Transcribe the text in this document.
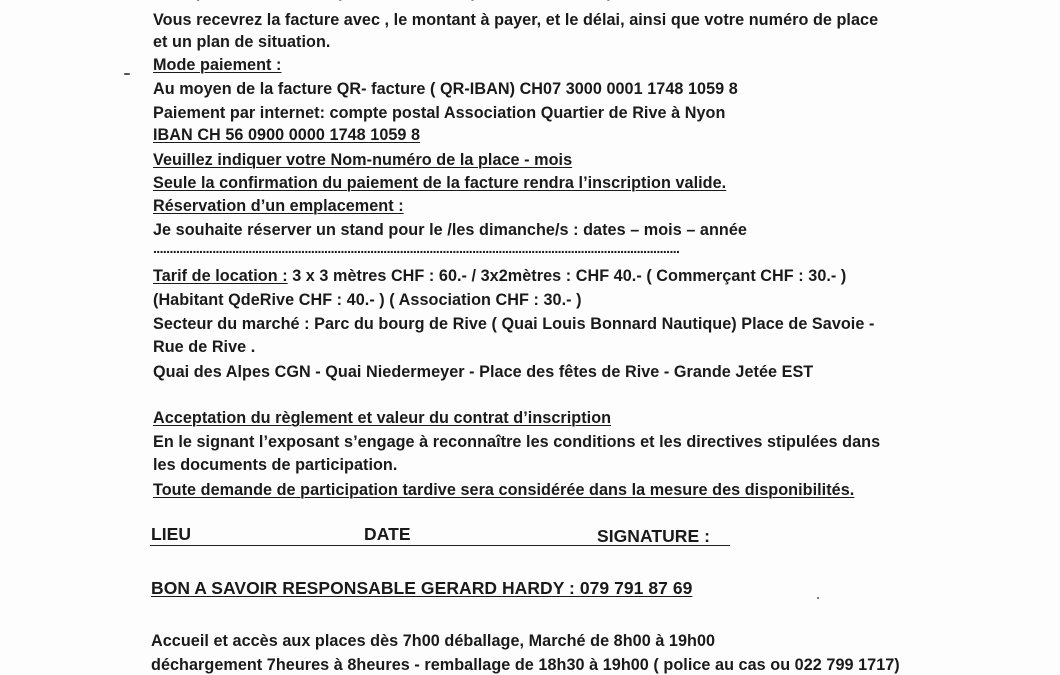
Vous recevrez la facture avec , le montant à payer, et le délai, ainsi que votre numéro de place
et un plan de situation.
Mode paiement :
Au moyen de la facture QR- facture ( QR-IBAN) CH07 3000 0001 1748 1059 8
Paiement par internet: compte postal Association Quartier de Rive à Nyon
IBAN CH 56 0900 0000 1748 1059 8
Veuillez indiquer votre Nom-numéro de la place - mois
Seule la confirmation du paiement de la facture rendra l’inscription valide.
Réservation d’un emplacement :
Je souhaite réserver un stand pour le /les dimanche/s : dates – mois – année
................................................................................................................................................................
Tarif de location : 3 x 3 mètres CHF : 60.- / 3x2mètres : CHF 40.- ( Commerçant CHF : 30.- )
(Habitant QdeRive CHF : 40.- ) ( Association CHF : 30.- )
Secteur du marché : Parc du bourg de Rive ( Quai Louis Bonnard Nautique) Place de Savoie -
Rue de Rive .
Quai des Alpes CGN - Quai Niedermeyer - Place des fêtes de Rive - Grande Jetée EST
Acceptation du règlement et valeur du contrat d’inscription
En le signant l’exposant s’engage à reconnaître les conditions et les directives stipulées dans
les documents de participation.
Toute demande de participation tardive sera considérée dans la mesure des disponibilités.
LIEU	DATE	SIGNATURE :
BON A SAVOIR RESPONSABLE GERARD HARDY : 079 791 87 69
Accueil et accès aux places dès 7h00 déballage, Marché de 8h00 à 19h00
déchargement 7heures à 8heures - remballage de 18h30 à 19h00 ( police au cas ou 022 799 1717)
